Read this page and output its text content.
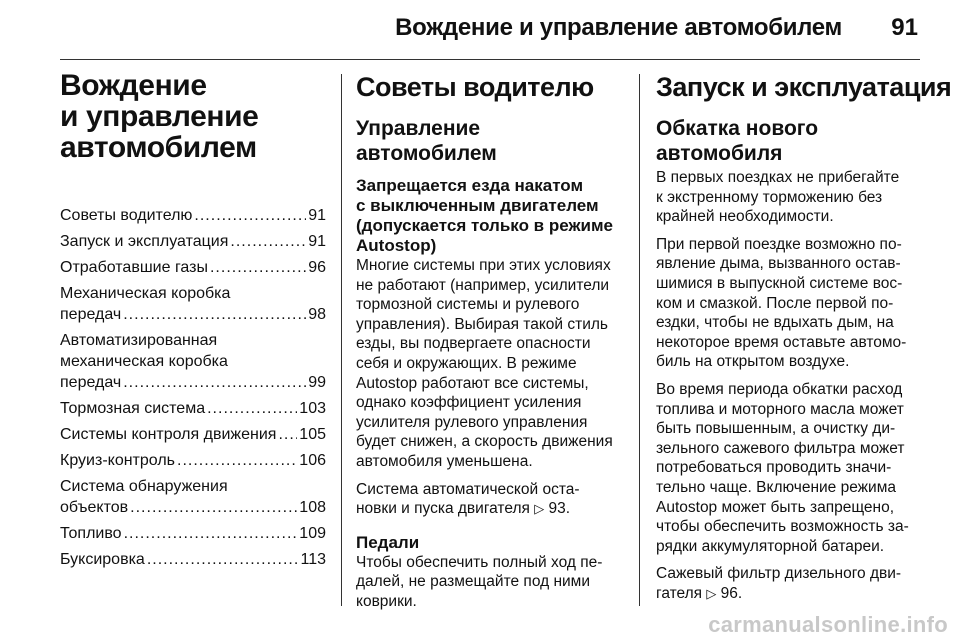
Вождение и управление автомобилем 91
Вождение
и управление
автомобилем
Советы водителю .....	91
Запуск и эксплуатация .....	91
Отработавшие газы .....	96
Механическая коробка
передач .....	98
Автоматизированная
механическая коробка
передач .....	99
Тормозная система .....	103
Системы контроля движения ..... 105
Круиз-контроль .....	106
Система обнаружения
объектов .....	108
Топливо .....	109
Буксировка .....	113
Советы водителю
Управление
автомобилем
Запрещается езда накатом
с выключенным двигателем
(допускается только в режиме
Autostop)

Многие системы при этих условиях
не работают (например, усилители
тормозной системы и рулевого
управления). Выбирая такой стиль
езды, вы подвергаете опасности
себя и окружающих. В режиме
Autostop работают все системы,
однако коэффициент усиления
усилителя рулевого управления
будет снижен, а скорость движения
автомобиля уменьшена.

Система автоматической оста-
новки и пуска двигателя ▷ 93.

Педали

Чтобы обеспечить полный ход пе-
далей, не размещайте под ними
коврики.

Запуск и эксплуатация
Обкатка нового
автомобиля

В первых поездках не прибегайте
к экстренному торможению без
крайней необходимости.

При первой поездке возможно по-
явление дыма, вызванного остав-
шимися в выпускной системе вос-
ком и смазкой. После первой по-
ездки, чтобы не вдыхать дым, на
некоторое время оставьте автомо-
биль на открытом воздухе.

Во время периода обкатки расход
топлива и моторного масла может
быть повышенным, а очистку ди-
зельного сажевого фильтра может
потребоваться проводить значи-
тельно чаще. Включение режима
Autostop может быть запрещено,
чтобы обеспечить возможность за-
рядки аккумуляторной батареи.

Сажевый фильтр дизельного дви-
гателя ▷ 96.

carmanualsonline.info
